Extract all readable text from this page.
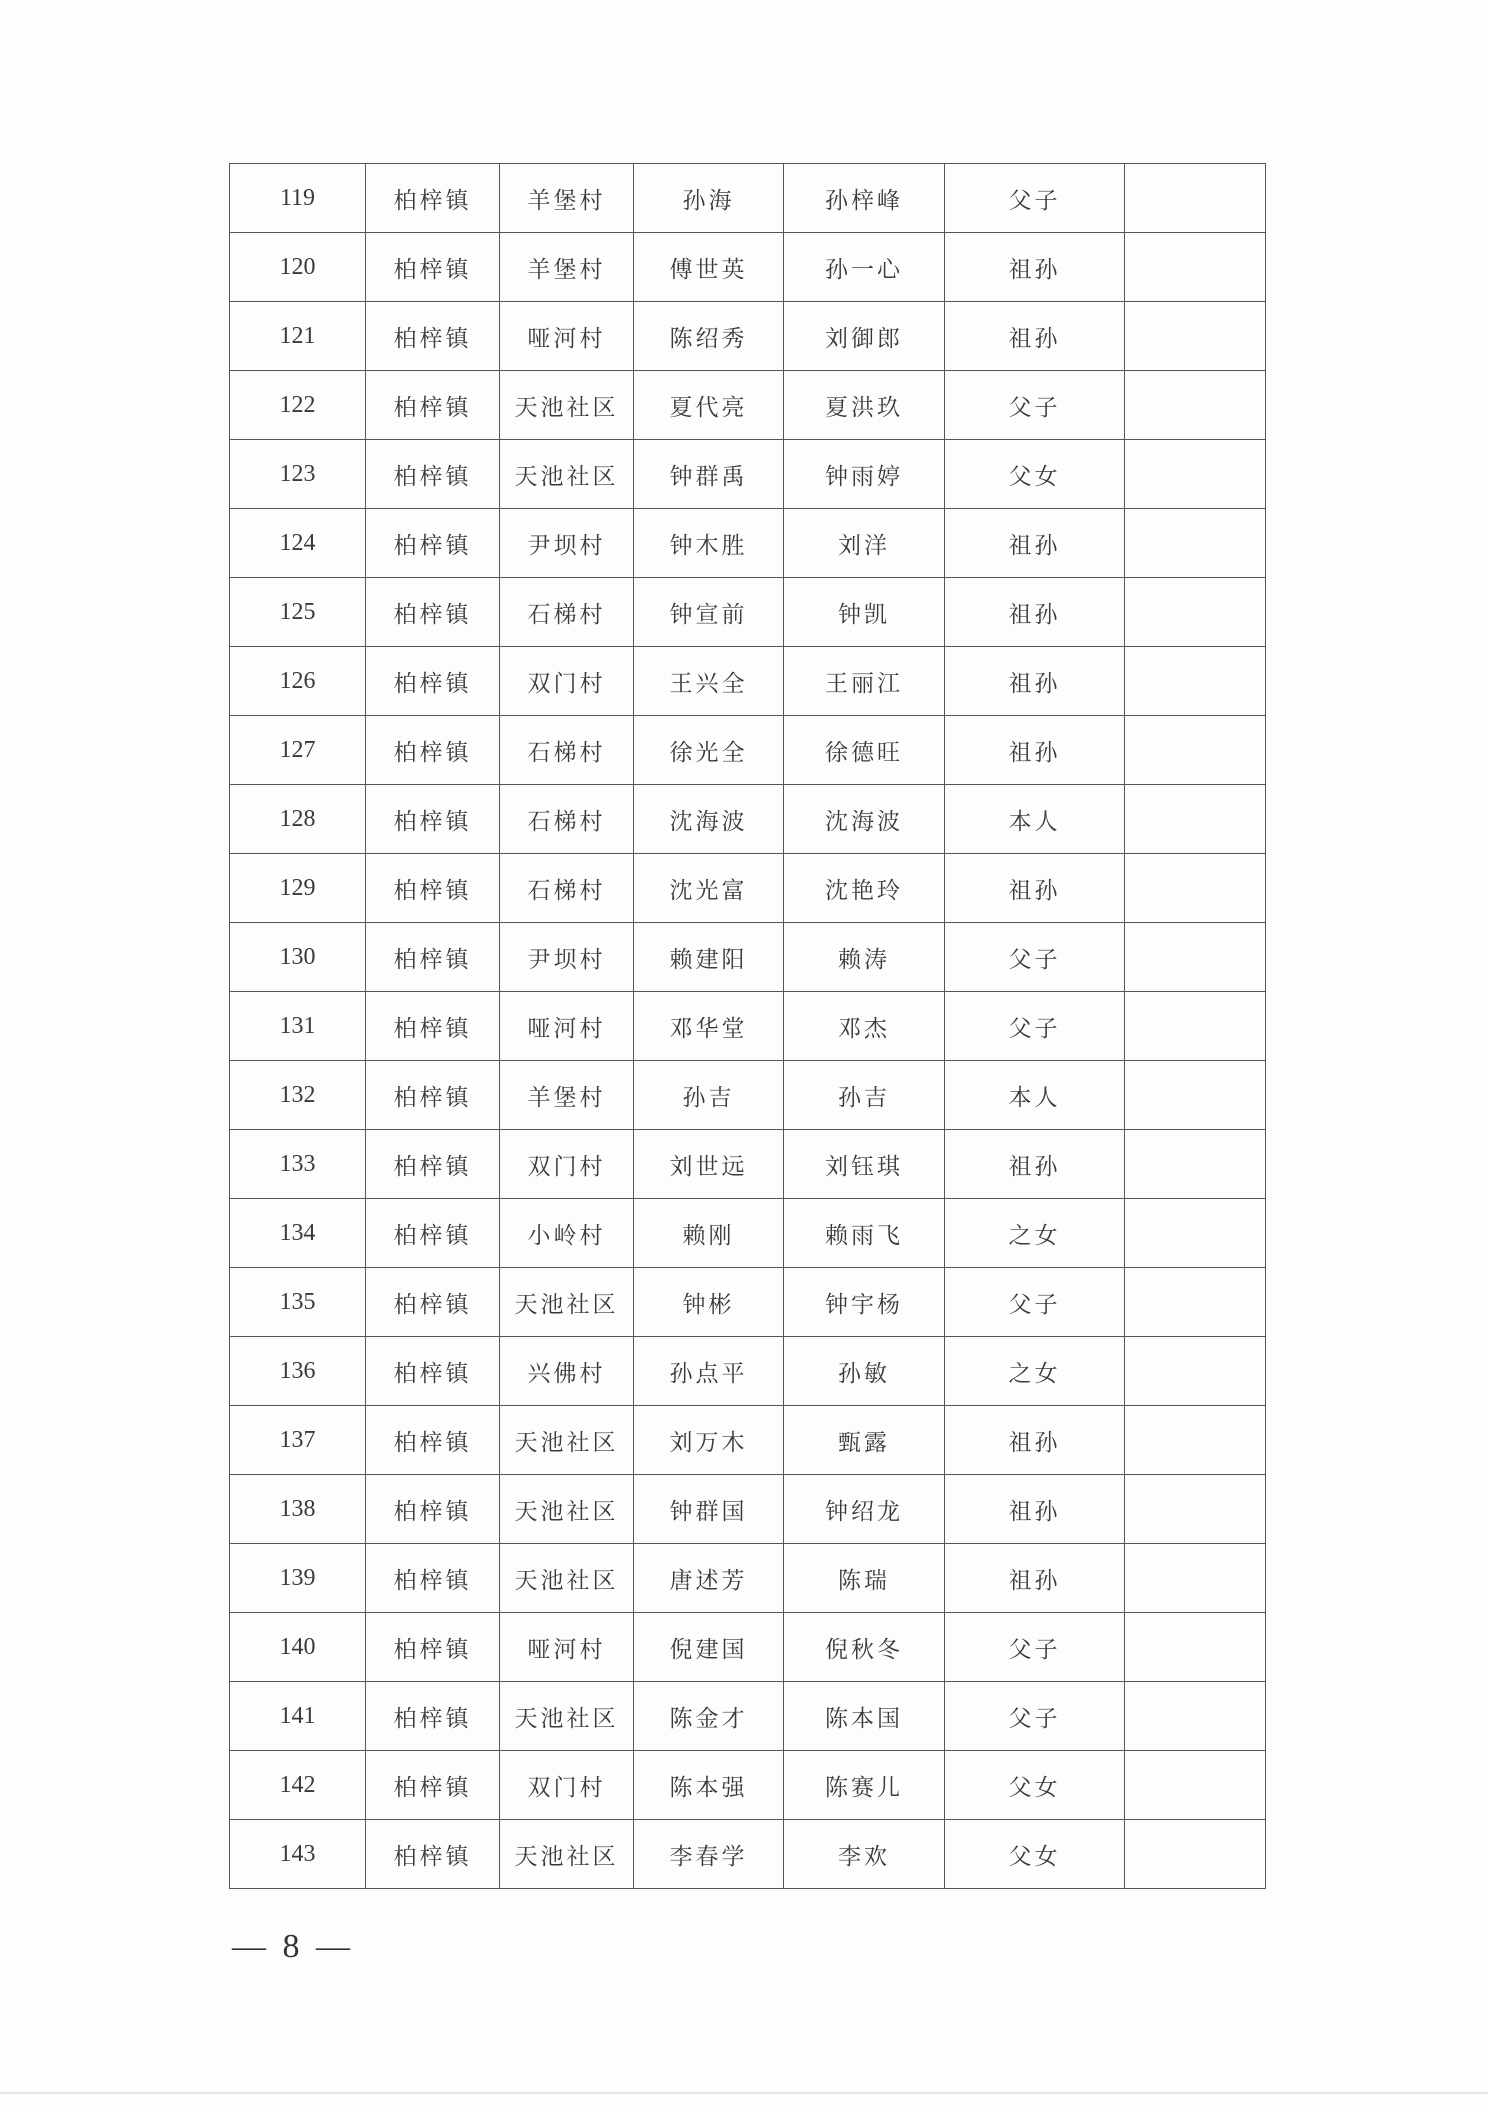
119	柏梓镇	羊堡村	孙海	孙梓峰	父子	
120	柏梓镇	羊堡村	傅世英	孙一心	祖孙	
121	柏梓镇	哑河村	陈绍秀	刘御郎	祖孙	
122	柏梓镇	天池社区	夏代亮	夏洪玖	父子	
123	柏梓镇	天池社区	钟群禹	钟雨婷	父女	
124	柏梓镇	尹坝村	钟木胜	刘洋	祖孙	
125	柏梓镇	石梯村	钟宣前	钟凯	祖孙	
126	柏梓镇	双门村	王兴全	王丽江	祖孙	
127	柏梓镇	石梯村	徐光全	徐德旺	祖孙	
128	柏梓镇	石梯村	沈海波	沈海波	本人	
129	柏梓镇	石梯村	沈光富	沈艳玲	祖孙	
130	柏梓镇	尹坝村	赖建阳	赖涛	父子	
131	柏梓镇	哑河村	邓华堂	邓杰	父子	
132	柏梓镇	羊堡村	孙吉	孙吉	本人	
133	柏梓镇	双门村	刘世远	刘钰琪	祖孙	
134	柏梓镇	小岭村	赖刚	赖雨飞	之女	
135	柏梓镇	天池社区	钟彬	钟宇杨	父子	
136	柏梓镇	兴佛村	孙点平	孙敏	之女	
137	柏梓镇	天池社区	刘万木	甄露	祖孙	
138	柏梓镇	天池社区	钟群国	钟绍龙	祖孙	
139	柏梓镇	天池社区	唐述芳	陈瑞	祖孙	
140	柏梓镇	哑河村	倪建国	倪秋冬	父子	
141	柏梓镇	天池社区	陈金才	陈本国	父子	
142	柏梓镇	双门村	陈本强	陈赛儿	父女	
143	柏梓镇	天池社区	李春学	李欢	父女	
— 8 —
